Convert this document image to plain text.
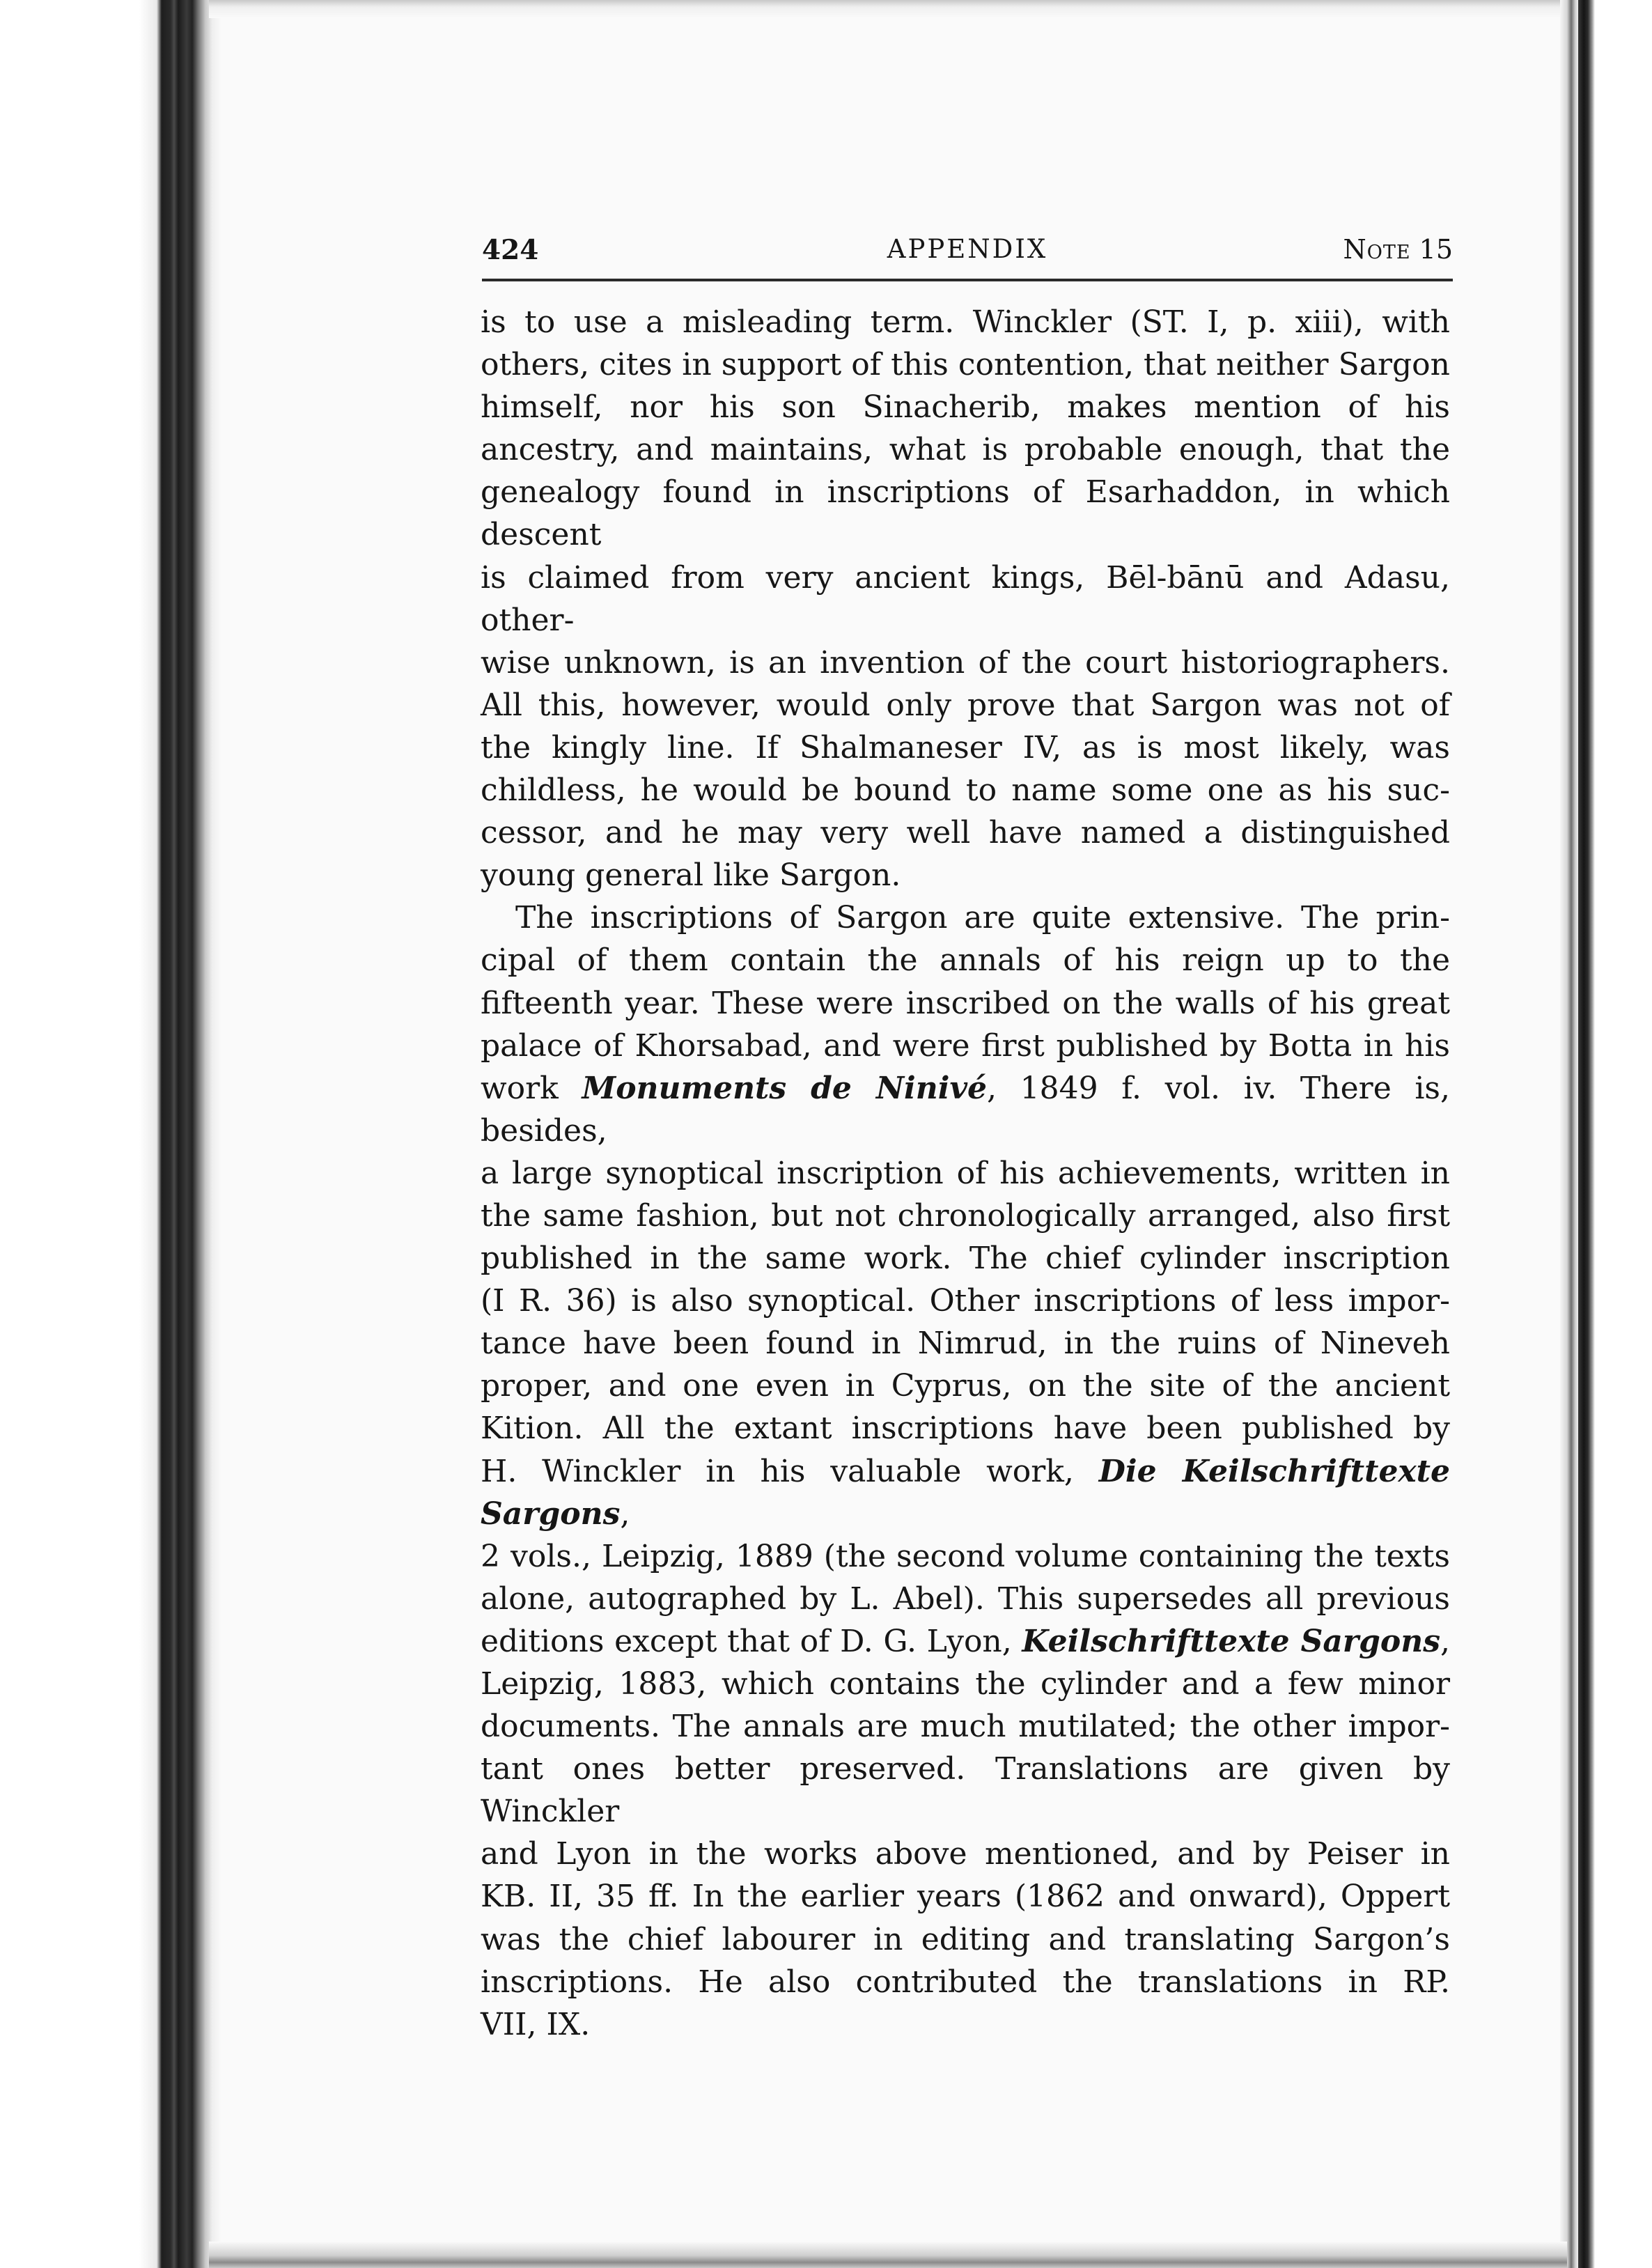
424	APPENDIX	Note 15

is to use a misleading term. Winckler (ST. I, p. xiii), with
others, cites in support of this contention, that neither Sargon
himself, nor his son Sinacherib, makes mention of his
ancestry, and maintains, what is probable enough, that the
genealogy found in inscriptions of Esarhaddon, in which descent
is claimed from very ancient kings, Bēl-bānū and Adasu, other-
wise unknown, is an invention of the court historiographers.
All this, however, would only prove that Sargon was not of
the kingly line. If Shalmaneser IV, as is most likely, was
childless, he would be bound to name some one as his suc-
cessor, and he may very well have named a distinguished
young general like Sargon.

The inscriptions of Sargon are quite extensive. The prin-
cipal of them contain the annals of his reign up to the
fifteenth year. These were inscribed on the walls of his great
palace of Khorsabad, and were first published by Botta in his
work Monuments de Ninivé, 1849 f. vol. iv. There is, besides,
a large synoptical inscription of his achievements, written in
the same fashion, but not chronologically arranged, also first
published in the same work. The chief cylinder inscription
(I R. 36) is also synoptical. Other inscriptions of less impor-
tance have been found in Nimrud, in the ruins of Nineveh
proper, and one even in Cyprus, on the site of the ancient
Kition. All the extant inscriptions have been published by
H. Winckler in his valuable work, Die Keilschrifttexte Sargons,
2 vols., Leipzig, 1889 (the second volume containing the texts
alone, autographed by L. Abel). This supersedes all previous
editions except that of D. G. Lyon, Keilschrifttexte Sargons,
Leipzig, 1883, which contains the cylinder and a few minor
documents. The annals are much mutilated; the other impor-
tant ones better preserved. Translations are given by Winckler
and Lyon in the works above mentioned, and by Peiser in
KB. II, 35 ff. In the earlier years (1862 and onward), Oppert
was the chief labourer in editing and translating Sargon’s
inscriptions. He also contributed the translations in RP.
VII, IX.
